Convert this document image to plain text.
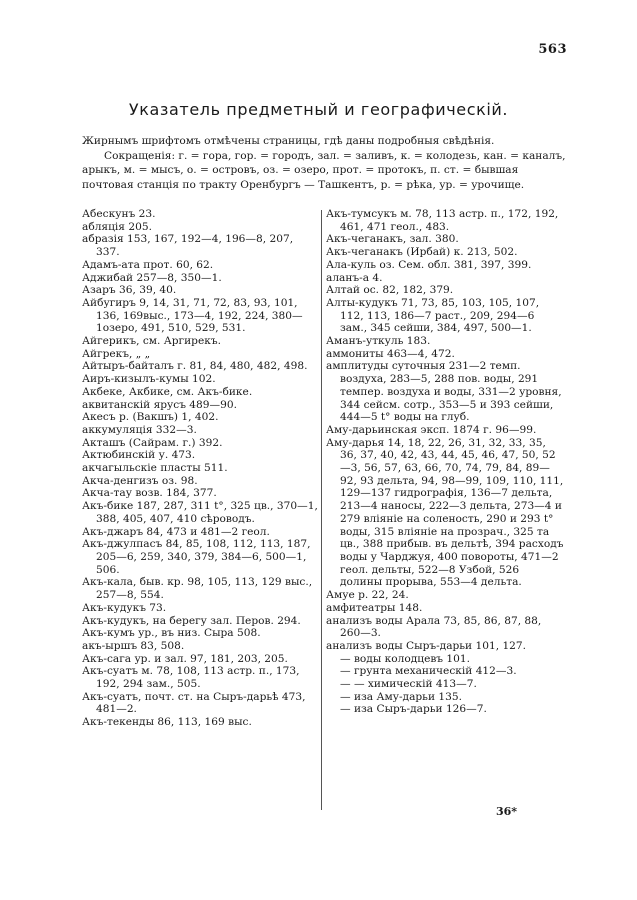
563
Указатель предметный и географическій.
Жирнымъ шрифтомъ отмѣчены страницы, гдѣ даны подробныя свѣдѣнія.
Сокращенія: г. = гора, гор. = городъ, зал. = заливъ, к. = колодезь, кан. = каналъ,
арыкъ, м. = мысъ, о. = островъ, оз. = озеро, прот. = протокъ, п. ст. = бывшая
почтовая станція по тракту Оренбургъ — Ташкентъ, р. = рѣка, ур. = урочище.
Абескунъ 23.
абляція 205.
абразія 153, 167, 192—4, 196—8, 207, 337.
Адамъ-ата прот. 60, 62.
Аджибай 257—8, 350—1.
Азаръ 36, 39, 40.
Айбугиръ 9, 14, 31, 71, 72, 83, 93, 101, 136, 169выс., 173—4, 192, 224, 380—1озеро, 491, 510, 529, 531.
Айгерикъ, см. Аргирекъ.
Айгрекъ, „ „
Айтыръ-байталъ г. 81, 84, 480, 482, 498.
Аиръ-кизылъ-кумы 102.
Акбеке, Акбике, см. Акъ-бике.
аквитанскій ярусъ 489—90.
Акесъ р. (Вакшъ) 1, 402.
аккумуляція 332—3.
Акташъ (Сайрам. г.) 392.
Актюбинскій у. 473.
акчагыльскіе пласты 511.
Акча-денгизъ оз. 98.
Акча-тау возв. 184, 377.
Акъ-бике 187, 287, 311 t°, 325 цв., 370—1, 388, 405, 407, 410 сѣроводъ.
Акъ-джаръ 84, 473 и 481—2 геол.
Акъ-джулпасъ 84, 85, 108, 112, 113, 187, 205—6, 259, 340, 379, 384—6, 500—1, 506.
Акъ-кала, быв. кр. 98, 105, 113, 129 выс., 257—8, 554.
Акъ-кудукъ 73.
Акъ-кудукъ, на берегу зал. Перов. 294.
Акъ-кумъ ур., въ низ. Сыра 508.
акъ-ыршъ 83, 508.
Акъ-сага ур. и зал. 97, 181, 203, 205.
Акъ-суатъ м. 78, 108, 113 астр. п., 173, 192, 294 зам., 505.
Акъ-суатъ, почт. ст. на Сыръ-дарьѣ 473, 481—2.
Акъ-текенды 86, 113, 169 выс.
Акъ-тумсукъ м. 78, 113 астр. п., 172, 192, 461, 471 геол., 483.
Акъ-чеганакъ, зал. 380.
Акъ-чеганакъ (Ирбай) к. 213, 502.
Ала-куль оз. Сем. обл. 381, 397, 399.
аланъ-а 4.
Алтай ос. 82, 182, 379.
Алты-кудукъ 71, 73, 85, 103, 105, 107, 112, 113, 186—7 раст., 209, 294—6 зам., 345 сейши, 384, 497, 500—1.
Аманъ-уткуль 183.
аммониты 463—4, 472.
амплитуды суточныя 231—2 темп. воздуха, 283—5, 288 пов. воды, 291 темпер. воздуха и воды, 331—2 уровня, 344 сейсм. сотр., 353—5 и 393 сейши, 444—5 t° воды на глуб.
Аму-дарьинская эксп. 1874 г. 96—99.
Аму-дарья 14, 18, 22, 26, 31, 32, 33, 35, 36, 37, 40, 42, 43, 44, 45, 46, 47, 50, 52—3, 56, 57, 63, 66, 70, 74, 79, 84, 89—92, 93 дельта, 94, 98—99, 109, 110, 111, 129—137 гидрографія, 136—7 дельта, 213—4 наносы, 222—3 дельта, 273—4 и 279 вліяніе на соленость, 290 и 293 t° воды, 315 вліяніе на прозрач., 325 та цв., 388 прибыв. въ дельтѣ, 394 расходъ воды у Чарджуя, 400 повороты, 471—2 геол. дельты, 522—8 Узбой, 526 долины прорыва, 553—4 дельта.
Амуе р. 22, 24.
амфитеатры 148.
анализъ воды Арала 73, 85, 86, 87, 88, 260—3.
анализъ воды Сыръ-дарьи 101, 127.
— воды колодцевъ 101.
— грунта механическій 412—3.
— — химическій 413—7.
— иза Аму-дарьи 135.
— иза Сыръ-дарьи 126—7.
36*
